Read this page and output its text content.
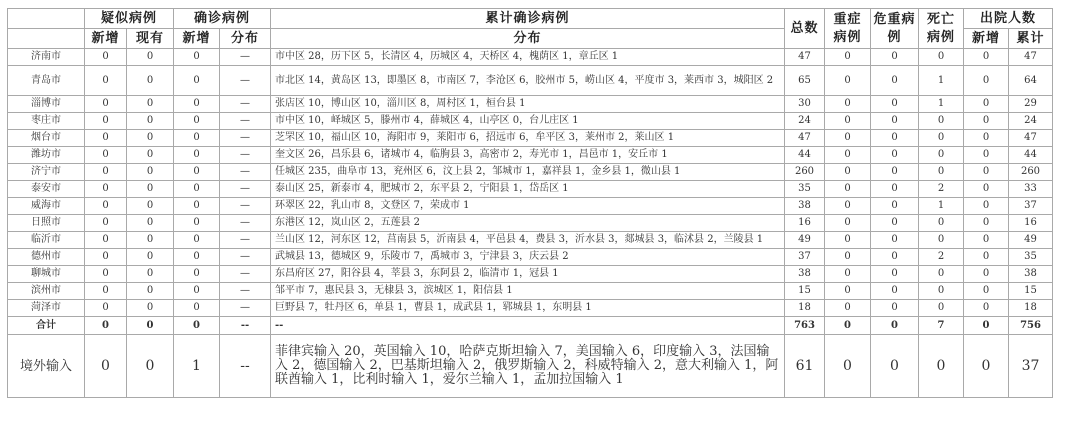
	疑似病例		确诊病例		累计确诊病例	总数	重症病例	危重病例	死亡病例	出院人数	
	新增	现有	新增	分布	分布					新增	累计
济南市	0	0	0	—	市中区 28，历下区 5，长清区 4，历城区 4，天桥区 4，槐荫区 1，章丘区 1	47	0	0	0	0	47
青岛市	0	0	0	—	市北区 14，黄岛区 13，即墨区 8，市南区 7，李沧区 6，胶州市 5，崂山区 4，平度市 3，莱西市 3，城阳区 2	65	0	0	1	0	64
淄博市	0	0	0	—	张店区 10，博山区 10，淄川区 8，周村区 1，桓台县 1	30	0	0	1	0	29
枣庄市	0	0	0	—	市中区 10，峄城区 5，滕州市 4，薛城区 4，山亭区 0，台儿庄区 1	24	0	0	0	0	24
烟台市	0	0	0	—	芝罘区 10，福山区 10，海阳市 9，莱阳市 6，招远市 6，牟平区 3，莱州市 2，莱山区 1	47	0	0	0	0	47
潍坊市	0	0	0	—	奎文区 26，昌乐县 6，诸城市 4，临朐县 3，高密市 2，寿光市 1，昌邑市 1，安丘市 1	44	0	0	0	0	44
济宁市	0	0	0	—	任城区 235，曲阜市 13，兖州区 6，汶上县 2，邹城市 1，嘉祥县 1，金乡县 1，微山县 1	260	0	0	0	0	260
泰安市	0	0	0	—	泰山区 25，新泰市 4，肥城市 2，东平县 2，宁阳县 1，岱岳区 1	35	0	0	2	0	33
威海市	0	0	0	—	环翠区 22，乳山市 8，文登区 7，荣成市 1	38	0	0	1	0	37
日照市	0	0	0	—	东港区 12，岚山区 2，五莲县 2	16	0	0	0	0	16
临沂市	0	0	0	—	兰山区 12，河东区 12，莒南县 5，沂南县 4，平邑县 4，费县 3，沂水县 3，郯城县 3，临沭县 2，兰陵县 1	49	0	0	0	0	49
德州市	0	0	0	—	武城县 13，德城区 9，乐陵市 7，禹城市 3，宁津县 3，庆云县 2	37	0	0	2	0	35
聊城市	0	0	0	—	东昌府区 27，阳谷县 4，莘县 3，东阿县 2，临清市 1，冠县 1	38	0	0	0	0	38
滨州市	0	0	0	—	邹平市 7，惠民县 3，无棣县 3，滨城区 1，阳信县 1	15	0	0	0	0	15
菏泽市	0	0	0	—	巨野县 7，牡丹区 6，单县 1，曹县 1，成武县 1，郓城县 1，东明县 1	18	0	0	0	0	18
合计	0	0	0	--	--	763	0	0	7	0	756
境外输入	0	0	1	--	菲律宾输入 20，英国输入 10，哈萨克斯坦输入 7，美国输入 6，印度输入 3，法国输入 2，德国输入 2，巴基斯坦输入 2，俄罗斯输入 2，科威特输入 2，意大利输入 1，阿联酋输入 1，比利时输入 1，爱尔兰输入 1，孟加拉国输入 1	61	0	0	0	0	37
